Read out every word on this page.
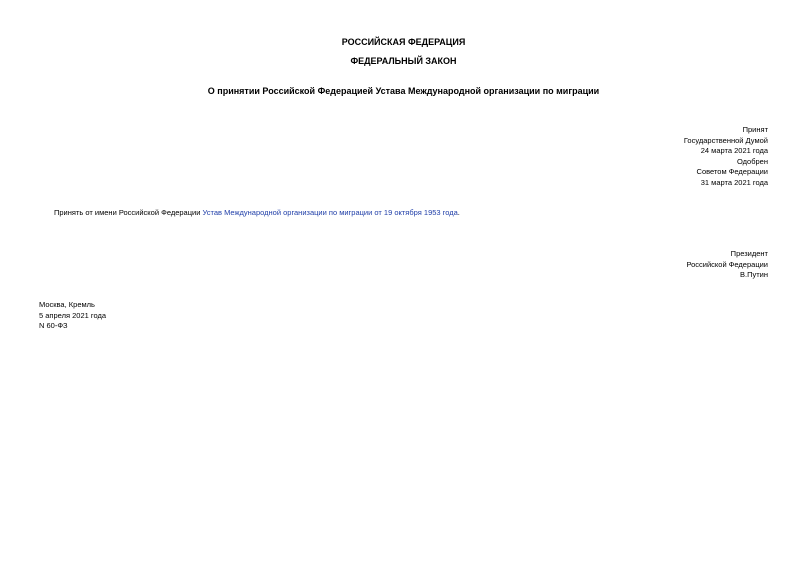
РОССИЙСКАЯ ФЕДЕРАЦИЯ
ФЕДЕРАЛЬНЫЙ ЗАКОН
О принятии Российской Федерацией Устава Международной организации по миграции
Принят
Государственной Думой
24 марта 2021 года
Одобрен
Советом Федерации
31 марта 2021 года
Принять от имени Российской Федерации Устав Международной организации по миграции от 19 октября 1953 года.
Президент
Российской Федерации
В.Путин
Москва, Кремль
5 апреля 2021 года
N 60-ФЗ
